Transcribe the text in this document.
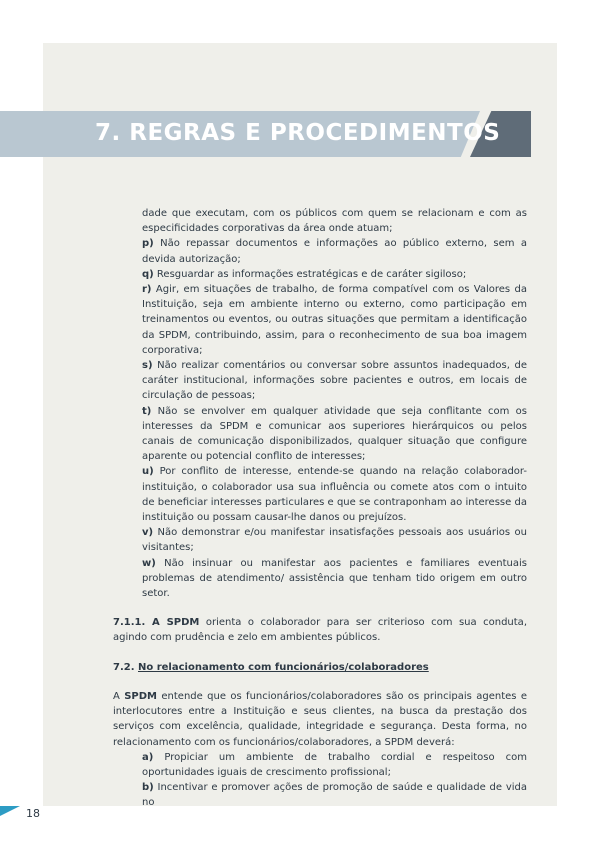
7. REGRAS E PROCEDIMENTOS

dade que executam, com os públicos com quem se relacionam e com as especificidades corporativas da área onde atuam;

p) Não repassar documentos e informações ao público externo, sem a devida autorização;

q) Resguardar as informações estratégicas e de caráter sigiloso;

r) Agir, em situações de trabalho, de forma compatível com os Valores da Instituição, seja em ambiente interno ou externo, como participação em treinamentos ou eventos, ou outras situações que permitam a identificação da SPDM, contribuindo, assim, para o reconhecimento de sua boa imagem corporativa;

s) Não realizar comentários ou conversar sobre assuntos inadequados, de caráter institucional, informações sobre pacientes e outros, em locais de circulação de pessoas;

t) Não se envolver em qualquer atividade que seja conflitante com os interesses da SPDM e comunicar aos superiores hierárquicos ou pelos canais de comunicação disponibilizados, qualquer situação que configure aparente ou potencial conflito de interesses;

u) Por conflito de interesse, entende-se quando na relação colaborador-instituição, o colaborador usa sua influência ou comete atos com o intuito de beneficiar interesses particulares e que se contraponham ao interesse da instituição ou possam causar-lhe danos ou prejuízos.

v) Não demonstrar e/ou manifestar insatisfações pessoais aos usuários ou visitantes;

w) Não insinuar ou manifestar aos pacientes e familiares eventuais problemas de atendimento/ assistência que tenham tido origem em outro setor.

7.1.1. A SPDM orienta o colaborador para ser criterioso com sua conduta, agindo com prudência e zelo em ambientes públicos.

7.2. No relacionamento com funcionários/colaboradores

A SPDM entende que os funcionários/colaboradores são os principais agentes e interlocutores entre a Instituição e seus clientes, na busca da prestação dos serviços com excelência, qualidade, integridade e segurança. Desta forma, no relacionamento com os funcionários/colaboradores, a SPDM deverá:

a) Propiciar um ambiente de trabalho cordial e respeitoso com oportunidades iguais de crescimento profissional;

b) Incentivar e promover ações de promoção de saúde e qualidade de vida no

18
